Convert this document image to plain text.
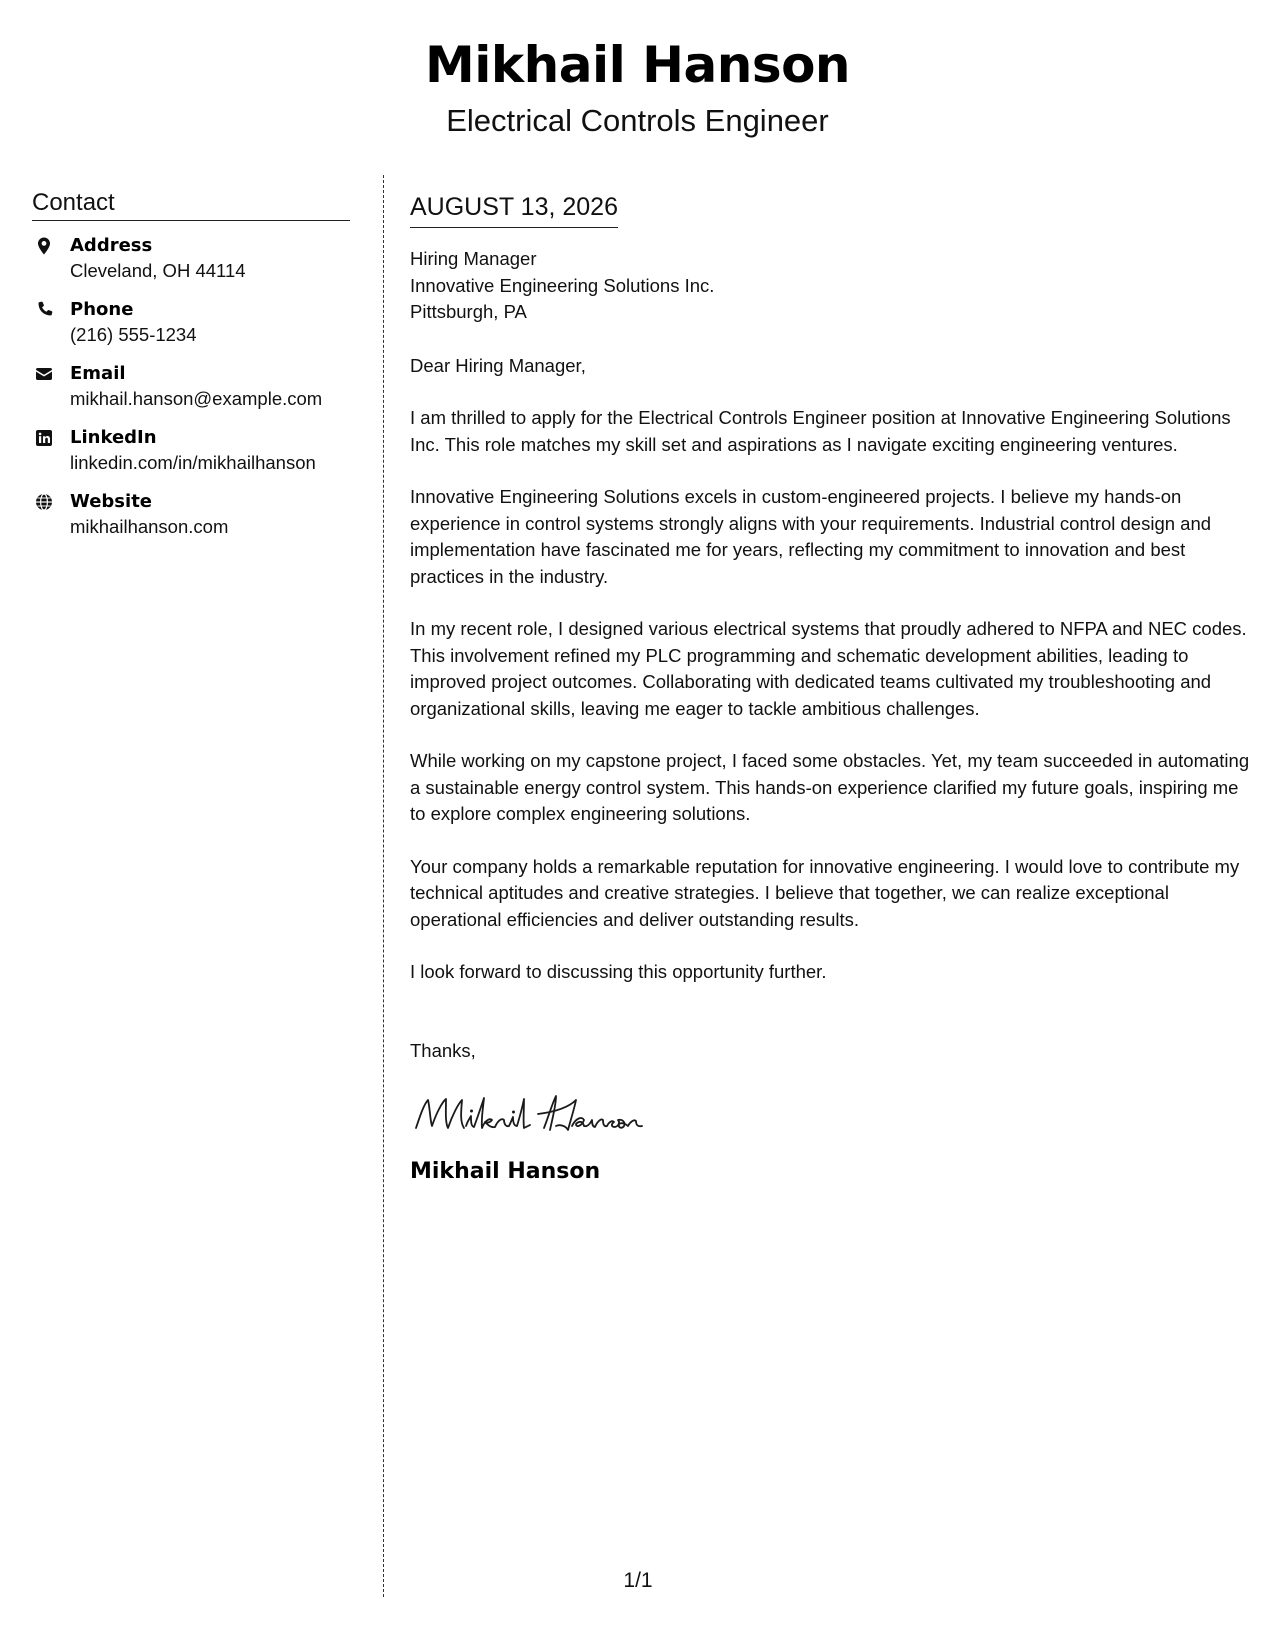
Mikhail Hanson
Electrical Controls Engineer
Contact
Address
Cleveland, OH 44114
Phone
(216) 555-1234
Email
mikhail.hanson@example.com
LinkedIn
linkedin.com/in/mikhailhanson
Website
mikhailhanson.com
AUGUST 13, 2026
Hiring Manager
Innovative Engineering Solutions Inc.
Pittsburgh, PA
Dear Hiring Manager,
I am thrilled to apply for the Electrical Controls Engineer position at Innovative Engineering Solutions Inc. This role matches my skill set and aspirations as I navigate exciting engineering ventures.
Innovative Engineering Solutions excels in custom-engineered projects. I believe my hands-on experience in control systems strongly aligns with your requirements. Industrial control design and implementation have fascinated me for years, reflecting my commitment to innovation and best practices in the industry.
In my recent role, I designed various electrical systems that proudly adhered to NFPA and NEC codes. This involvement refined my PLC programming and schematic development abilities, leading to improved project outcomes. Collaborating with dedicated teams cultivated my troubleshooting and organizational skills, leaving me eager to tackle ambitious challenges.
While working on my capstone project, I faced some obstacles. Yet, my team succeeded in automating a sustainable energy control system. This hands-on experience clarified my future goals, inspiring me to explore complex engineering solutions.
Your company holds a remarkable reputation for innovative engineering. I would love to contribute my technical aptitudes and creative strategies. I believe that together, we can realize exceptional operational efficiencies and deliver outstanding results.
I look forward to discussing this opportunity further.
Thanks,
Mikhail Hanson
1/1
